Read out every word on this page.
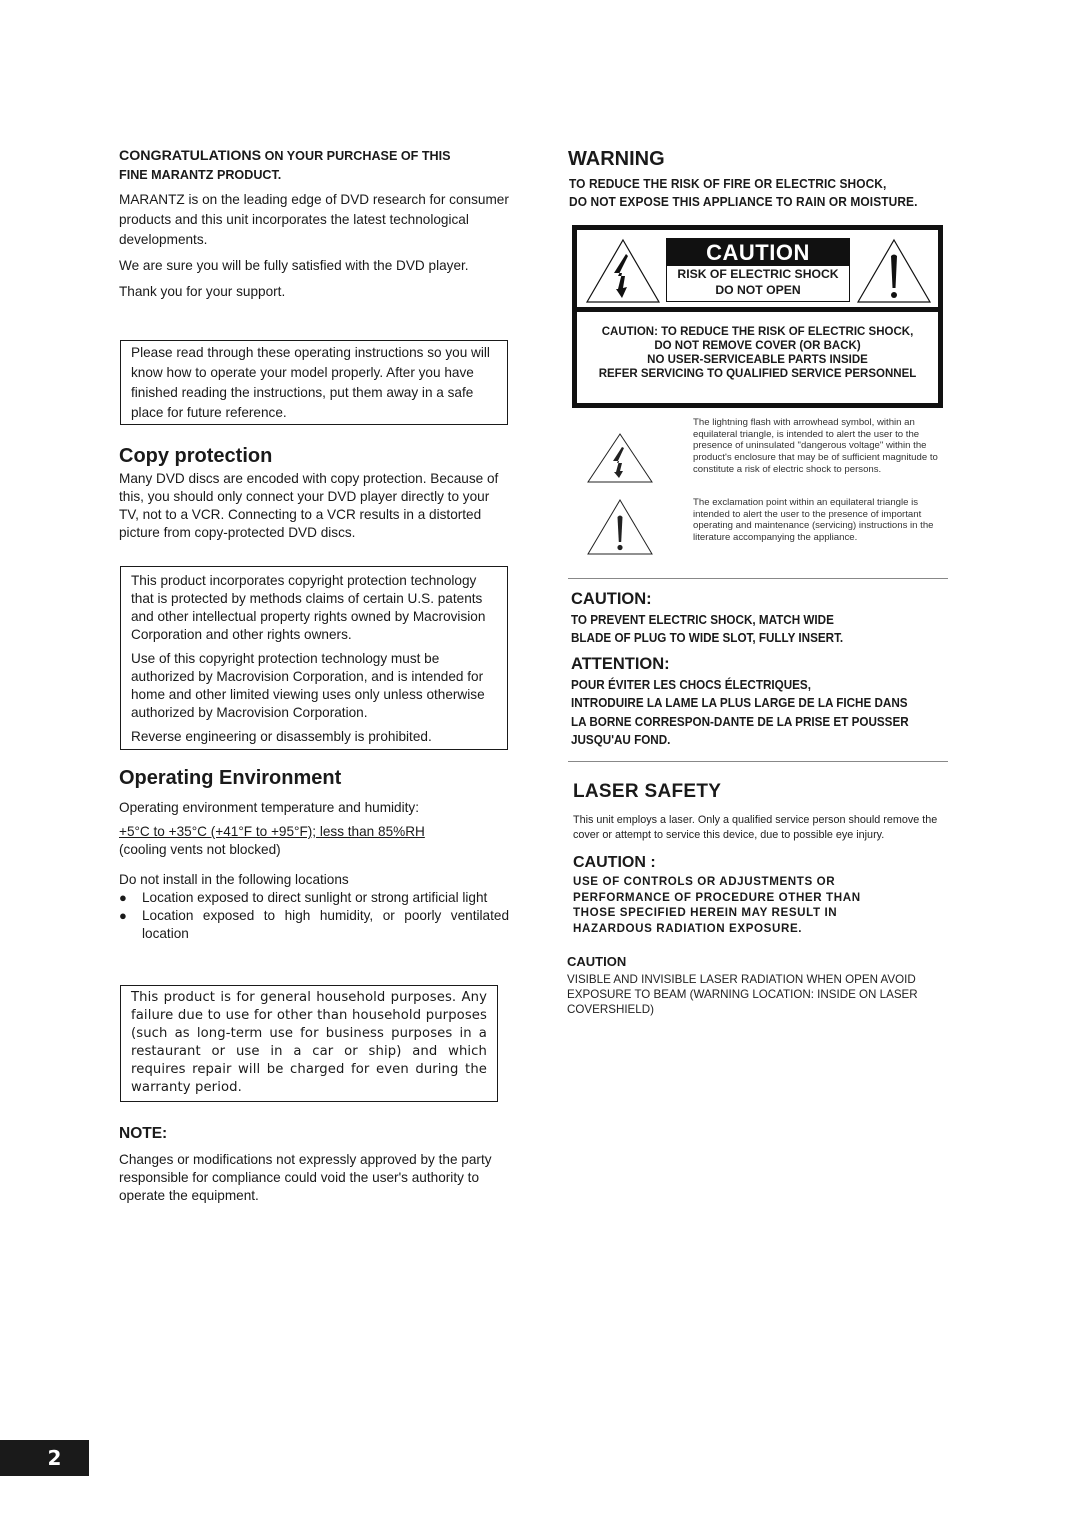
CONGRATULATIONS ON YOUR PURCHASE OF THIS
FINE MARANTZ PRODUCT.

MARANTZ is on the leading edge of DVD research for consumer products and this unit incorporates the latest technological developments.

We are sure you will be fully satisfied with the DVD player.

Thank you for your support.

Please read through these operating instructions so you will know how to operate your model properly. After you have finished reading the instructions, put them away in a safe place for future reference.
Copy protection
Many DVD discs are encoded with copy protection. Because of this, you should only connect your DVD player directly to your TV, not to a VCR. Connecting to a VCR results in a distorted picture from copy-protected DVD discs.

This product incorporates copyright protection technology that is protected by methods claims of certain U.S. patents and other intellectual property rights owned by Macrovision Corporation and other rights owners.

Use of this copyright protection technology must be authorized by Macrovision Corporation, and is intended for home and other limited viewing uses only unless otherwise authorized by Macrovision Corporation.

Reverse engineering or disassembly is prohibited.

Operating Environment
Operating environment temperature and humidity:
+5°C to +35°C (+41°F to +95°F); less than 85%RH
(cooling vents not blocked)
Do not install in the following locations
● Location exposed to direct sunlight or strong artificial light
● Location exposed to high humidity, or poorly ventilated location
This product is for general household purposes. Any failure due to use for other than household purposes (such as long-term use for business purposes in a restaurant or use in a car or ship) and which requires repair will be charged for even during the warranty period.
NOTE:
Changes or modifications not expressly approved by the party responsible for compliance could void the user's authority to operate the equipment.
WARNING
TO REDUCE THE RISK OF FIRE OR ELECTRIC SHOCK,
DO NOT EXPOSE THIS APPLIANCE TO RAIN OR MOISTURE.
CAUTION
RISK OF ELECTRIC SHOCK
DO NOT OPEN
CAUTION: TO REDUCE THE RISK OF ELECTRIC SHOCK,
DO NOT REMOVE COVER (OR BACK)
NO USER-SERVICEABLE PARTS INSIDE
REFER SERVICING TO QUALIFIED SERVICE PERSONNEL
The lightning flash with arrowhead symbol, within an equilateral triangle, is intended to alert the user to the presence of uninsulated "dangerous voltage" within the product's enclosure that may be of sufficient magnitude to constitute a risk of electric shock to persons.
The exclamation point within an equilateral triangle is intended to alert the user to the presence of important operating and maintenance (servicing) instructions in the literature accompanying the appliance.
CAUTION:
TO PREVENT ELECTRIC SHOCK, MATCH WIDE
BLADE OF PLUG TO WIDE SLOT, FULLY INSERT.
ATTENTION:
POUR ÉVITER LES CHOCS ÉLECTRIQUES,
INTRODUIRE LA LAME LA PLUS LARGE DE LA FICHE DANS
LA BORNE CORRESPON-DANTE DE LA PRISE ET POUSSER
JUSQU'AU FOND.
LASER SAFETY
This unit employs a laser. Only a qualified service person should remove the cover or attempt to service this device, due to possible eye injury.
CAUTION :
USE OF CONTROLS OR ADJUSTMENTS OR
PERFORMANCE OF PROCEDURE OTHER THAN
THOSE SPECIFIED HEREIN MAY RESULT IN
HAZARDOUS RADIATION EXPOSURE.
CAUTION
VISIBLE AND INVISIBLE LASER RADIATION WHEN OPEN AVOID EXPOSURE TO BEAM (WARNING LOCATION: INSIDE ON LASER COVERSHIELD)
2
